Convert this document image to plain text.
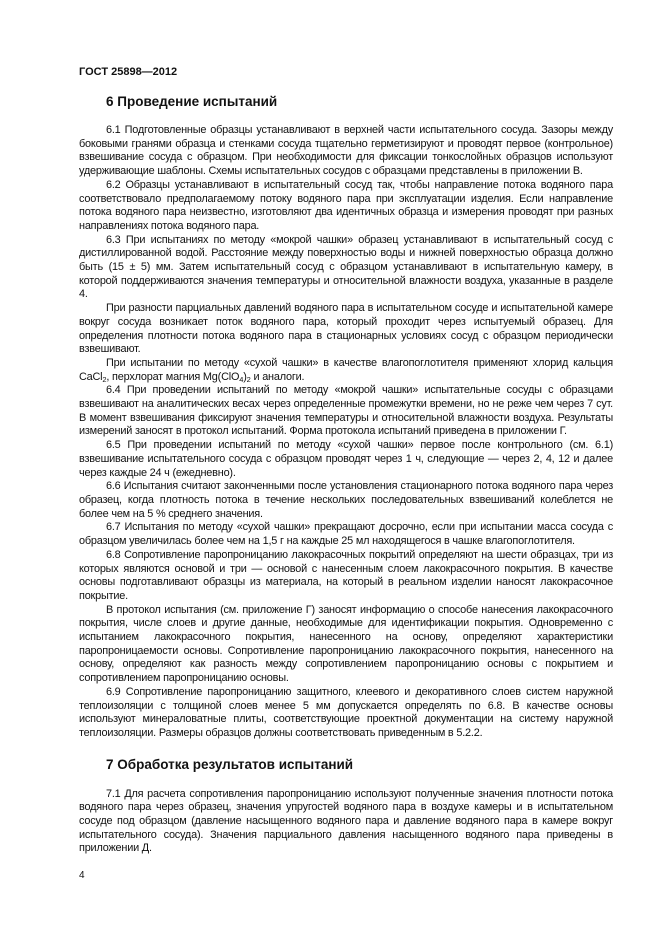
ГОСТ 25898—2012
6 Проведение испытаний

6.1 Подготовленные образцы устанавливают в верхней части испытательного сосуда. Зазоры между боковыми гранями образца и стенками сосуда тщательно герметизируют и проводят первое (контрольное) взвешивание сосуда с образцом. При необходимости для фиксации тонкослойных образцов используют удерживающие шаблоны. Схемы испытательных сосудов с образцами представлены в приложении В.

6.2 Образцы устанавливают в испытательный сосуд так, чтобы направление потока водяного пара соответствовало предполагаемому потоку водяного пара при эксплуатации изделия. Если направление потока водяного пара неизвестно, изготовляют два идентичных образца и измерения проводят при разных направлениях потока водяного пара.

6.3 При испытаниях по методу «мокрой чашки» образец устанавливают в испытательный сосуд с дистиллированной водой. Расстояние между поверхностью воды и нижней поверхностью образца должно быть (15 ± 5) мм. Затем испытательный сосуд с образцом устанавливают в испытательную камеру, в которой поддерживаются значения температуры и относительной влажности воздуха, указанные в разделе 4.

При разности парциальных давлений водяного пара в испытательном сосуде и испытательной камере вокруг сосуда возникает поток водяного пара, который проходит через испытуемый образец. Для определения плотности потока водяного пара в стационарных условиях сосуд с образцом периодически взвешивают.

При испытании по методу «сухой чашки» в качестве влагопоглотителя применяют хлорид кальция CaCl$_2$, перхлорат магния $Mg(ClO_4)_2$ и аналоги.

6.4 При проведении испытаний по методу «мокрой чашки» испытательные сосуды с образцами взвешивают на аналитических весах через определенные промежутки времени, но не реже чем через 7 сут. В момент взвешивания фиксируют значения температуры и относительной влажности воздуха. Результаты измерений заносят в протокол испытаний. Форма протокола испытаний приведена в приложении Г.

6.5 При проведении испытаний по методу «сухой чашки» первое после контрольного (см. 6.1) взвешивание испытательного сосуда с образцом проводят через 1 ч, следующие — через 2, 4, 12 и далее через каждые 24 ч (ежедневно).

6.6 Испытания считают законченными после установления стационарного потока водяного пара через образец, когда плотность потока в течение нескольких последовательных взвешиваний колеблется не более чем на 5 % среднего значения.

6.7 Испытания по методу «сухой чашки» прекращают досрочно, если при испытании масса сосуда с образцом увеличилась более чем на 1,5 г на каждые 25 мл находящегося в чашке влагопоглотителя.

6.8 Сопротивление паропроницанию лакокрасочных покрытий определяют на шести образцах, три из которых являются основой и три — основой с нанесенным слоем лакокрасочного покрытия. В качестве основы подготавливают образцы из материала, на который в реальном изделии наносят лакокрасочное покрытие.

В протокол испытания (см. приложение Г) заносят информацию о способе нанесения лакокрасочного покрытия, числе слоев и другие данные, необходимые для идентификации покрытия. Одновременно с испытанием лакокрасочного покрытия, нанесенного на основу, определяют характеристики паропроницаемости основы. Сопротивление паропроницанию лакокрасочного покрытия, нанесенного на основу, определяют как разность между сопротивлением паропроницанию основы с покрытием и сопротивлением паропроницанию основы.

6.9 Сопротивление паропроницанию защитного, клеевого и декоративного слоев систем наружной теплоизоляции с толщиной слоев менее 5 мм допускается определять по 6.8. В качестве основы используют минераловатные плиты, соответствующие проектной документации на систему наружной теплоизоляции. Размеры образцов должны соответствовать приведенным в 5.2.2.

7 Обработка результатов испытаний

7.1 Для расчета сопротивления паропроницанию используют полученные значения плотности потока водяного пара через образец, значения упругостей водяного пара в воздухе камеры и в испытательном сосуде под образцом (давление насыщенного водяного пара и давление водяного пара в камере вокруг испытательного сосуда). Значения парциального давления насыщенного водяного пара приведены в приложении Д.

4
